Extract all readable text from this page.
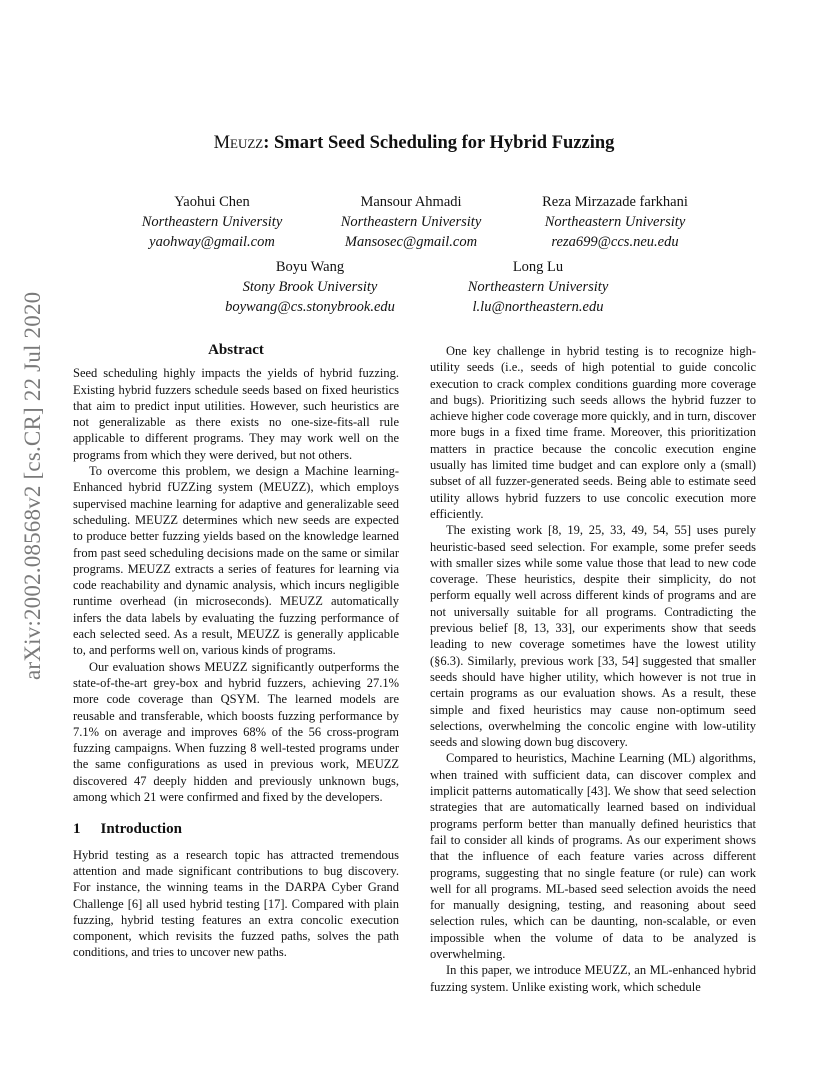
arXiv:2002.08568v2 [cs.CR] 22 Jul 2020
Meuzz: Smart Seed Scheduling for Hybrid Fuzzing
Yaohui Chen
Northeastern University
yaohway@gmail.com
Mansour Ahmadi
Northeastern University
Mansosec@gmail.com
Reza Mirzazade farkhani
Northeastern University
reza699@ccs.neu.edu
Boyu Wang
Stony Brook University
boywang@cs.stonybrook.edu
Long Lu
Northeastern University
l.lu@northeastern.edu
Abstract

Seed scheduling highly impacts the yields of hybrid fuzzing. Existing hybrid fuzzers schedule seeds based on fixed heuristics that aim to predict input utilities. However, such heuristics are not generalizable as there exists no one-size-fits-all rule applicable to different programs. They may work well on the programs from which they were derived, but not others.

To overcome this problem, we design a Machine learning-Enhanced hybrid fUZZing system (MEUZZ), which employs supervised machine learning for adaptive and generalizable seed scheduling. MEUZZ determines which new seeds are expected to produce better fuzzing yields based on the knowledge learned from past seed scheduling decisions made on the same or similar programs. MEUZZ extracts a series of features for learning via code reachability and dynamic analysis, which incurs negligible runtime overhead (in microseconds). MEUZZ automatically infers the data labels by evaluating the fuzzing performance of each selected seed. As a result, MEUZZ is generally applicable to, and performs well on, various kinds of programs.

Our evaluation shows MEUZZ significantly outperforms the state-of-the-art grey-box and hybrid fuzzers, achieving 27.1% more code coverage than QSYM. The learned models are reusable and transferable, which boosts fuzzing performance by 7.1% on average and improves 68% of the 56 cross-program fuzzing campaigns. When fuzzing 8 well-tested programs under the same configurations as used in previous work, MEUZZ discovered 47 deeply hidden and previously unknown bugs, among which 21 were confirmed and fixed by the developers.

1 Introduction

Hybrid testing as a research topic has attracted tremendous attention and made significant contributions to bug discovery. For instance, the winning teams in the DARPA Cyber Grand Challenge [6] all used hybrid testing [17]. Compared with plain fuzzing, hybrid testing features an extra concolic execution component, which revisits the fuzzed paths, solves the path conditions, and tries to uncover new paths.

One key challenge in hybrid testing is to recognize high-utility seeds (i.e., seeds of high potential to guide concolic execution to crack complex conditions guarding more coverage and bugs). Prioritizing such seeds allows the hybrid fuzzer to achieve higher code coverage more quickly, and in turn, discover more bugs in a fixed time frame. Moreover, this prioritization matters in practice because the concolic execution engine usually has limited time budget and can explore only a (small) subset of all fuzzer-generated seeds. Being able to estimate seed utility allows hybrid fuzzers to use concolic execution more efficiently.

The existing work [8, 19, 25, 33, 49, 54, 55] uses purely heuristic-based seed selection. For example, some prefer seeds with smaller sizes while some value those that lead to new code coverage. These heuristics, despite their simplicity, do not perform equally well across different kinds of programs and are not universally suitable for all programs. Contradicting the previous belief [8, 13, 33], our experiments show that seeds leading to new coverage sometimes have the lowest utility (§6.3). Similarly, previous work [33, 54] suggested that smaller seeds should have higher utility, which however is not true in certain programs as our evaluation shows. As a result, these simple and fixed heuristics may cause non-optimum seed selections, overwhelming the concolic engine with low-utility seeds and slowing down bug discovery.

Compared to heuristics, Machine Learning (ML) algorithms, when trained with sufficient data, can discover complex and implicit patterns automatically [43]. We show that seed selection strategies that are automatically learned based on individual programs perform better than manually defined heuristics that fail to consider all kinds of programs. As our experiment shows that the influence of each feature varies across different programs, suggesting that no single feature (or rule) can work well for all programs. ML-based seed selection avoids the need for manually designing, testing, and reasoning about seed selection rules, which can be daunting, non-scalable, or even impossible when the volume of data to be analyzed is overwhelming.

In this paper, we introduce MEUZZ, an ML-enhanced hybrid fuzzing system. Unlike existing work, which schedule
